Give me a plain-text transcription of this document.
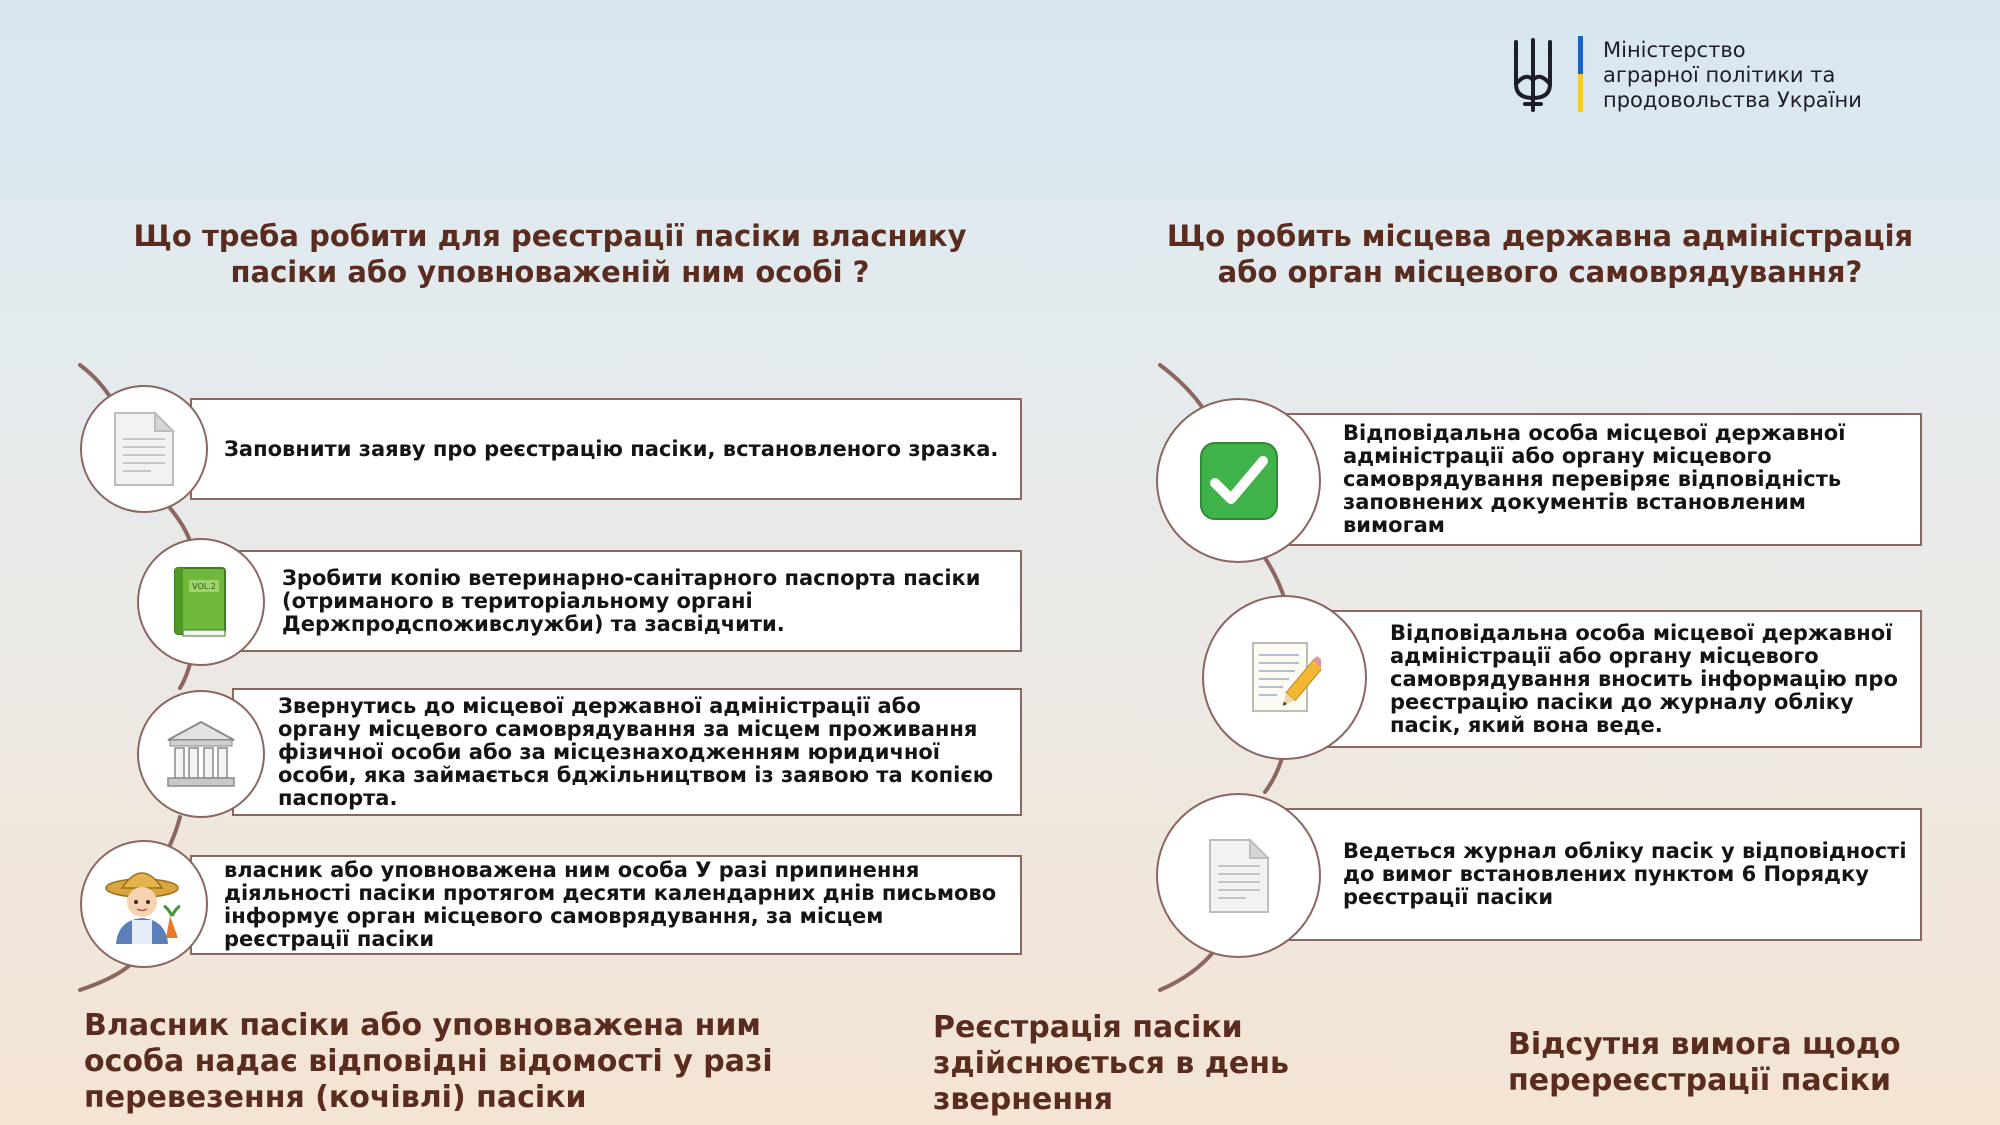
Міністерство
аграрної політики та
продовольства України
Що треба робити для реєстрації пасіки власнику
пасіки або уповноваженій ним особі ?
Що робить місцева державна адміністрація
або орган місцевого самоврядування?
Заповнити заяву про реєстрацію пасіки, встановленого зразка.
Зробити копію ветеринарно-санітарного паспорта пасіки (отриманого в територіальному органі Держпродспоживслужби) та засвідчити.
VOL.2
Звернутись до місцевої державної адміністрації або органу місцевого самоврядування за місцем проживання фізичної особи або за місцезнаходженням юридичної особи, яка займається бджільництвом із заявою та копією паспорта.
власник або уповноважена ним особа У разі припинення діяльності пасіки протягом десяти календарних днів письмово інформує орган місцевого самоврядування, за місцем реєстрації пасіки
Відповідальна особа місцевої державної адміністрації або органу місцевого самоврядування перевіряє відповідність заповнених документів встановленим вимогам
Відповідальна особа місцевої державної адміністрації або органу місцевого самоврядування вносить інформацію про реєстрацію пасіки до журналу обліку пасік, який вона веде.
Ведеться журнал обліку пасік у відповідності до вимог встановлених пунктом 6 Порядку реєстрації пасіки
Власник пасіки або уповноважена ним
особа надає відповідні відомості у разі
перевезення (кочівлі) пасіки
Реєстрація пасіки
здійснюється в день
звернення
Відсутня вимога щодо
перереєстрації пасіки
